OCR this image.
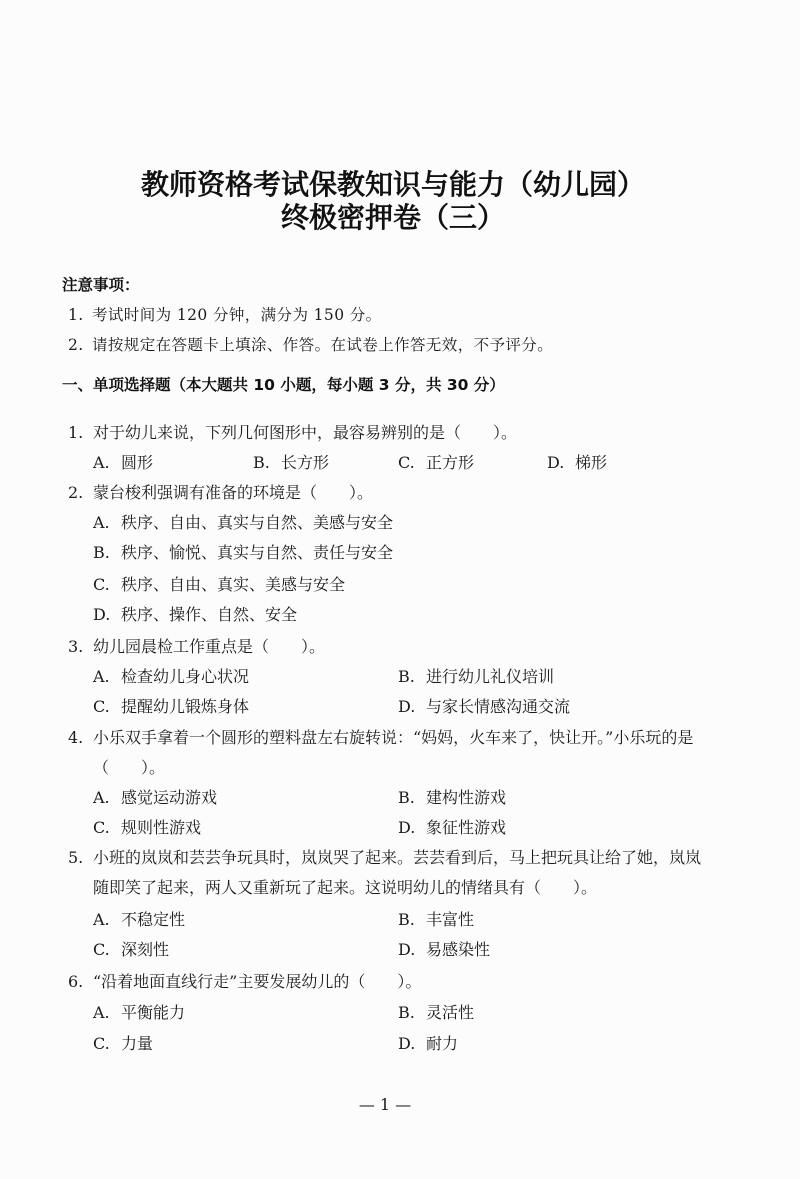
教师资格考试保教知识与能力（幼儿园）
终极密押卷（三）
注意事项：
1. 考试时间为 120 分钟，满分为 150 分。
2. 请按规定在答题卡上填涂、作答。在试卷上作答无效，不予评分。
一、单项选择题（本大题共 10 小题，每小题 3 分，共 30 分）
1. 对于幼儿来说，下列几何图形中，最容易辨别的是（　　）。
A. 圆形	B. 长方形	C. 正方形	D. 梯形
2. 蒙台梭利强调有准备的环境是（　　）。
A. 秩序、自由、真实与自然、美感与安全
B. 秩序、愉悦、真实与自然、责任与安全
C. 秩序、自由、真实、美感与安全
D. 秩序、操作、自然、安全
3. 幼儿园晨检工作重点是（　　）。
A. 检查幼儿身心状况	B. 进行幼儿礼仪培训
C. 提醒幼儿锻炼身体	D. 与家长情感沟通交流
4. 小乐双手拿着一个圆形的塑料盘左右旋转说：“妈妈，火车来了，快让开。”小乐玩的是
（　　）。
A. 感觉运动游戏	B. 建构性游戏
C. 规则性游戏	D. 象征性游戏
5. 小班的岚岚和芸芸争玩具时，岚岚哭了起来。芸芸看到后，马上把玩具让给了她，岚岚
随即笑了起来，两人又重新玩了起来。这说明幼儿的情绪具有（　　）。
A. 不稳定性	B. 丰富性
C. 深刻性	D. 易感染性
6. “沿着地面直线行走”主要发展幼儿的（　　）。
A. 平衡能力	B. 灵活性
C. 力量	D. 耐力
— 1 —
